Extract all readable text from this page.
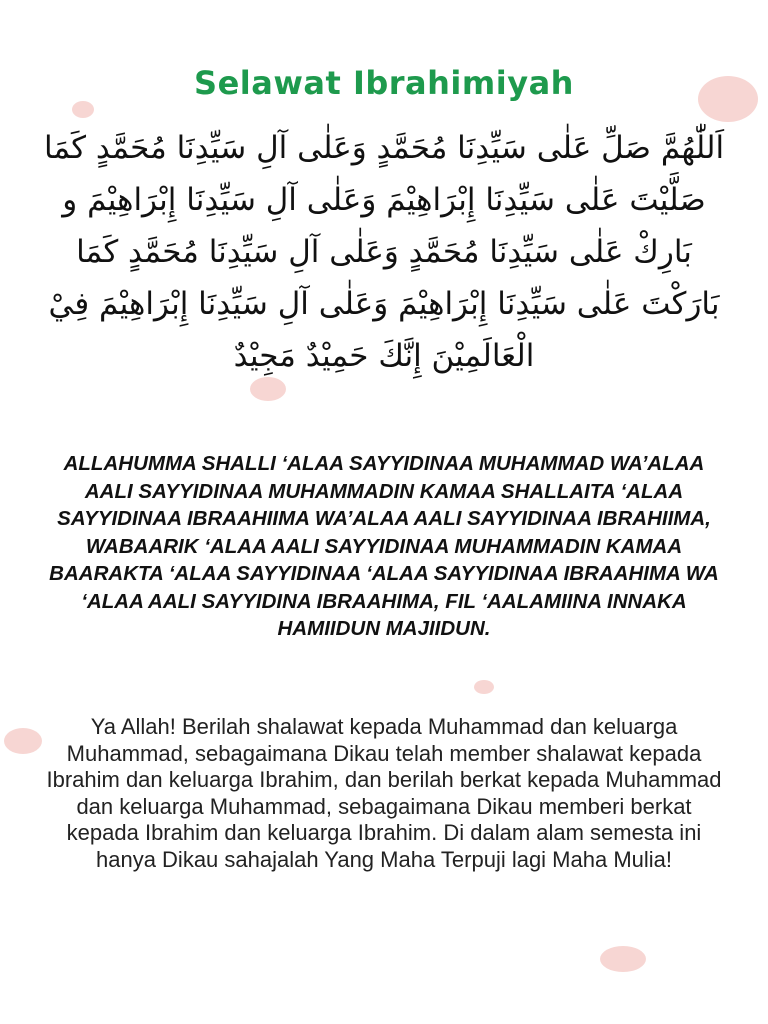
Selawat Ibrahimiyah
اَللّٰهُمَّ صَلِّ عَلٰى سَيِّدِنَا مُحَمَّدٍ وَعَلٰى آلِ سَيِّدِنَا مُحَمَّدٍ كَمَا صَلَّيْتَ عَلٰى سَيِّدِنَا إِبْرَاهِيْمَ وَعَلٰى آلِ سَيِّدِنَا إِبْرَاهِيْمَ و بَارِكْ عَلٰى سَيِّدِنَا مُحَمَّدٍ وَعَلٰى آلِ سَيِّدِنَا مُحَمَّدٍ كَمَا بَارَكْتَ عَلٰى سَيِّدِنَا إِبْرَاهِيْمَ وَعَلٰى آلِ سَيِّدِنَا إِبْرَاهِيْمَ فِيْ الْعَالَمِيْنَ إِنَّكَ حَمِيْدٌ مَجِيْدٌ
ALLAHUMMA SHALLI ‘ALAA SAYYIDINAA MUHAMMAD WA’ALAA AALI SAYYIDINAA MUHAMMADIN KAMAA SHALLAITA ‘ALAA SAYYIDINAA IBRAAHIIMA WA’ALAA AALI SAYYIDINAA IBRAHIIMA, WABAARIK ‘ALAA AALI SAYYIDINAA MUHAMMADIN KAMAA BAARAKTA ‘ALAA SAYYIDINAA ‘ALAA SAYYIDINAA IBRAAHIMA WA ‘ALAA AALI SAYYIDINA IBRAAHIMA, FIL ‘AALAMIINA INNAKA HAMIIDUN MAJIIDUN.
Ya Allah! Berilah shalawat kepada Muhammad dan keluarga Muhammad, sebagaimana Dikau telah member shalawat kepada Ibrahim dan keluarga Ibrahim, dan berilah berkat kepada Muhammad dan keluarga Muhammad, sebagaimana Dikau memberi berkat kepada Ibrahim dan keluarga Ibrahim. Di dalam alam semesta ini hanya Dikau sahajalah Yang Maha Terpuji lagi Maha Mulia!
